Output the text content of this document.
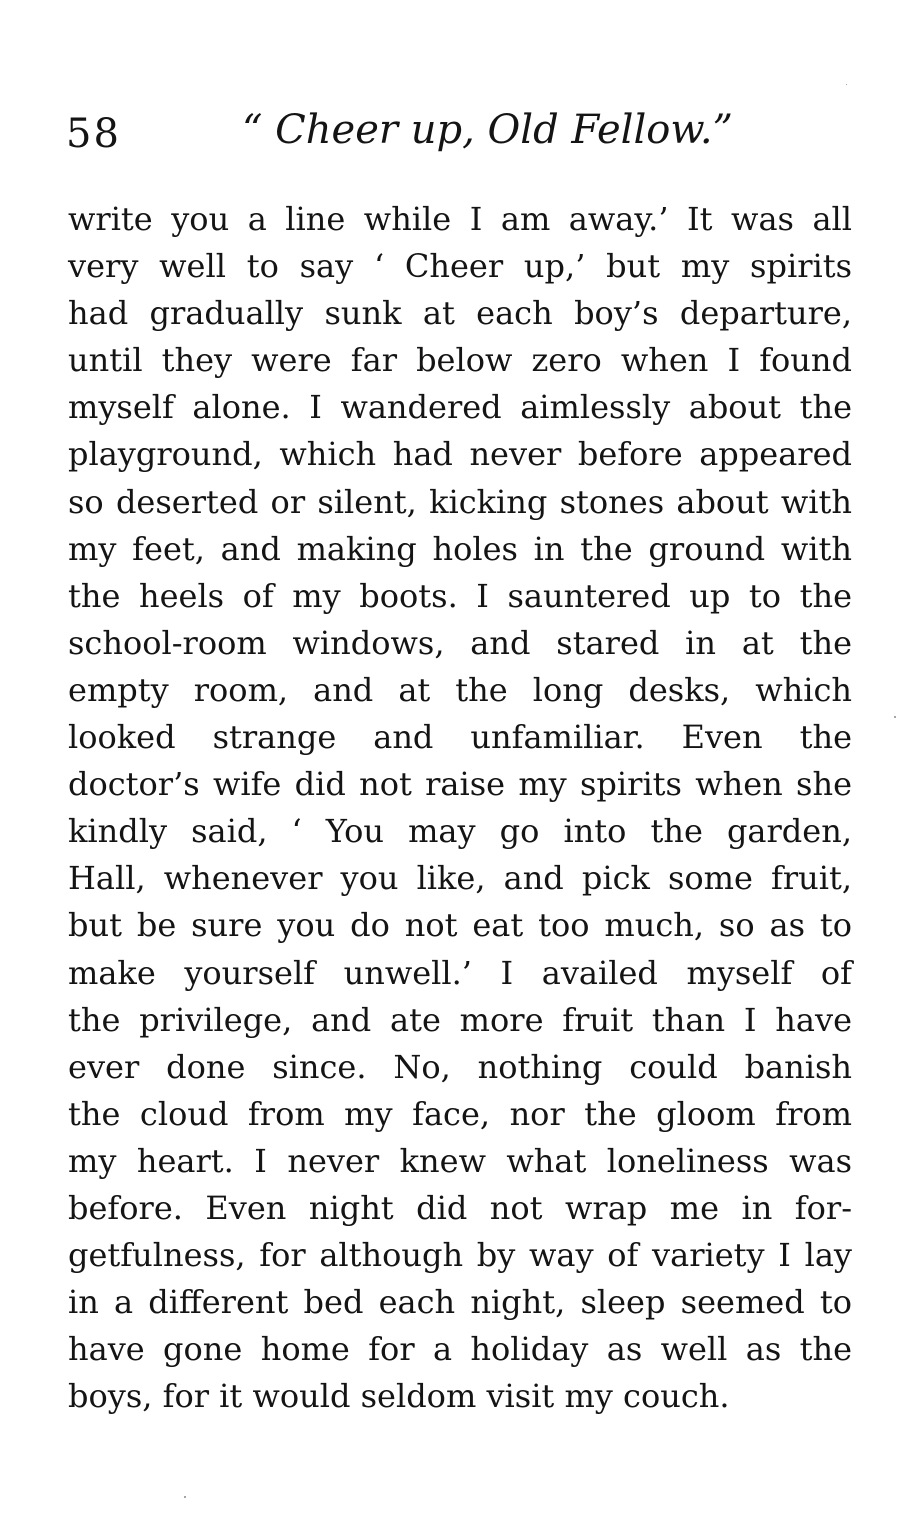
58	“ Cheer up, Old Fellow.”
write you a line while I am away.’ It was all
very well to say ‘ Cheer up,’ but my spirits
had gradually sunk at each boy’s departure,
until they were far below zero when I found
myself alone. I wandered aimlessly about the
playground, which had never before appeared
so deserted or silent, kicking stones about with
my feet, and making holes in the ground with
the heels of my boots. I sauntered up to the
school-room windows, and stared in at the
empty room, and at the long desks, which
looked strange and unfamiliar. Even the
doctor’s wife did not raise my spirits when she
kindly said, ‘ You may go into the garden,
Hall, whenever you like, and pick some fruit,
but be sure you do not eat too much, so as to
make yourself unwell.’ I availed myself of
the privilege, and ate more fruit than I have
ever done since. No, nothing could banish
the cloud from my face, nor the gloom from
my heart. I never knew what loneliness was
before. Even night did not wrap me in for-
getfulness, for although by way of variety I lay
in a different bed each night, sleep seemed to
have gone home for a holiday as well as the
boys, for it would seldom visit my couch.
